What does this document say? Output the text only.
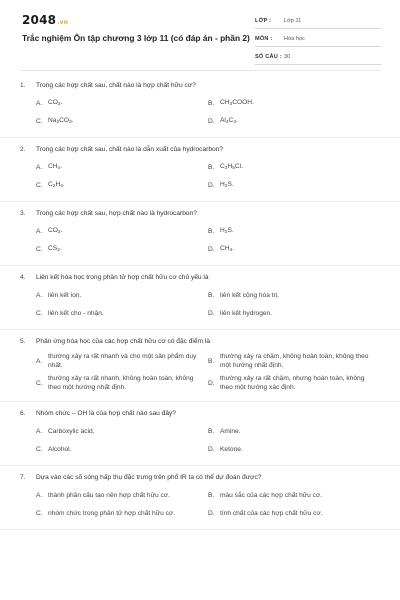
2048.vn
Trắc nghiệm Ôn tập chương 3 lớp 11 (có đáp án - phần 2)
LỚP : Lớp 11
MÔN : Hóa học
SỐ CÂU : 30
1.	Trong các hợp chất sau, chất nào là hợp chất hữu cơ?
A. $CO_2$.	B. $CH_3COOH$.
C. $Na_2CO_3$.	D. $Al_4C_3$.
2.	Trong các hợp chất sau, chất nào là dẫn xuất của hydrocarbon?
A. $CH_4$.	B. $C_2H_5Cl$.
C. $C_2H_4$.	D. $H_2S$.
3.	Trong các hợp chất sau, hợp chất nào là hydrocarbon?
A. $CO_2$.	B. $H_2S$.
C. $CS_2$.	D. $CH_4$.
4.	Liên kết hóa học trong phân tử hợp chất hữu cơ chủ yếu là
A. liên kết ion.	B. liên kết cộng hóa trị.
C. liên kết cho - nhận.	D. liên kết hydrogen.
5.	Phản ứng hóa học của các hợp chất hữu cơ có đặc điểm là
A.
thường xảy ra rất nhanh và cho một sản phẩm duy nhất.
B.
thường xảy ra chậm, không hoàn toàn, không theo một hướng nhất định.
C.
thường xảy ra rất nhanh, không hoàn toàn, không theo một hướng nhất định.
D.
thường xảy ra rất chậm, nhưng hoàn toàn, không theo một hướng xác định.
6.	Nhóm chức – OH là của hợp chất nào sau đây?
A. Carboxylic acid.	B. Amine.
C. Alcohol.	D. Ketone.
7.	Dựa vào các số sóng hấp thụ đặc trưng trên phổ IR ta có thể dự đoán được?
A. thành phần cấu tạo nên hợp chất hữu cơ.	B. màu sắc của các hợp chất hữu cơ.
C. nhóm chức trong phân tử hợp chất hữu cơ.	D. tính chất của các hợp chất hữu cơ.
